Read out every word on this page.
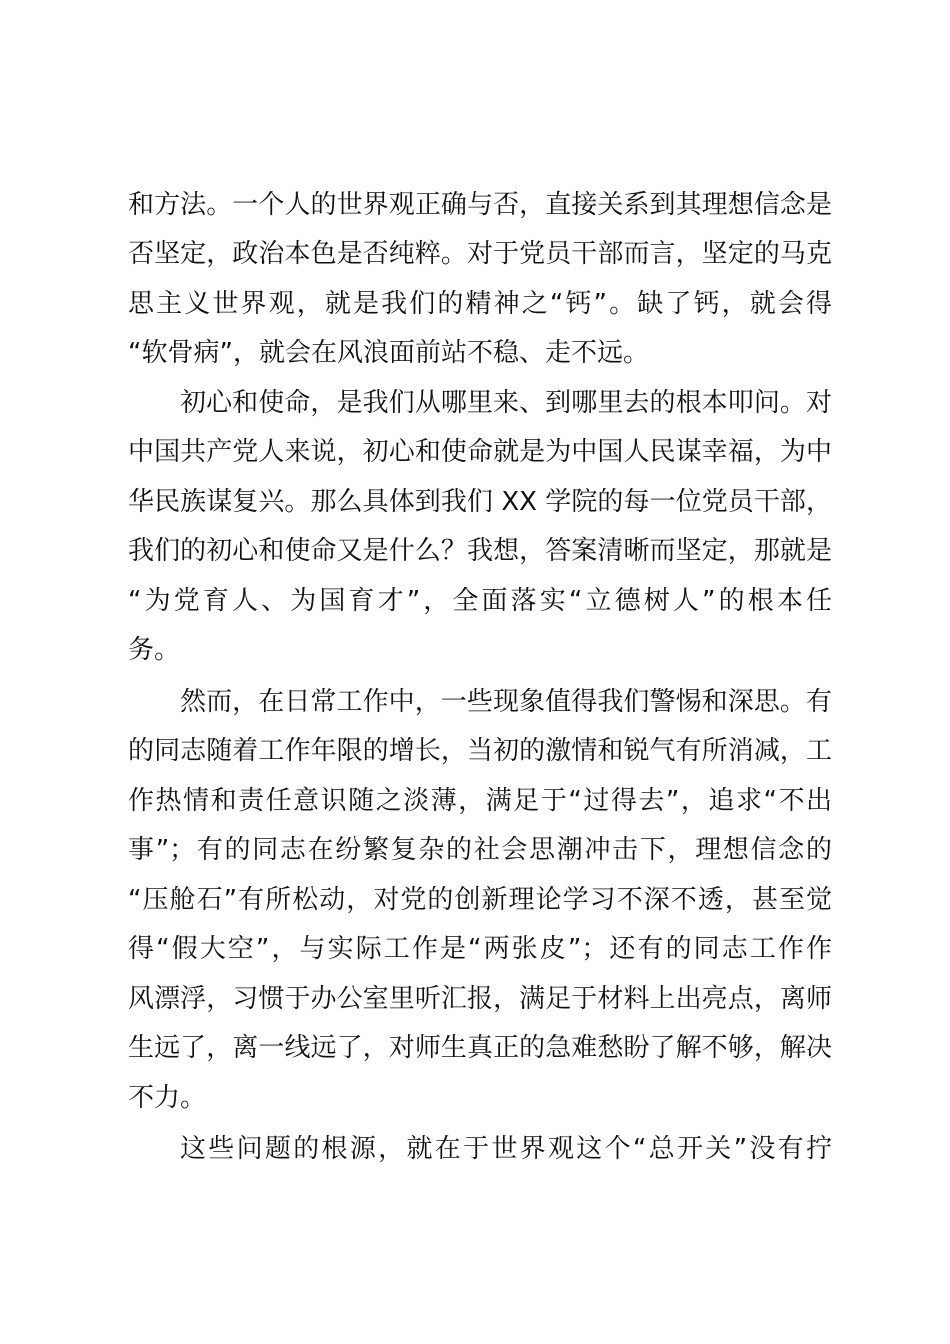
和方法。一个人的世界观正确与否，直接关系到其理想信念是
否坚定，政治本色是否纯粹。对于党员干部而言，坚定的马克
思主义世界观，就是我们的精神之“钙”。缺了钙，就会得
“软骨病”，就会在风浪面前站不稳、走不远。
初心和使命，是我们从哪里来、到哪里去的根本叩问。对
中国共产党人来说，初心和使命就是为中国人民谋幸福，为中
华民族谋复兴。那么具体到我们 XX 学院的每一位党员干部，
我们的初心和使命又是什么？我想，答案清晰而坚定，那就是
“为党育人、为国育才”，全面落实“立德树人”的根本任
务。
然而，在日常工作中，一些现象值得我们警惕和深思。有
的同志随着工作年限的增长，当初的激情和锐气有所消减，工
作热情和责任意识随之淡薄，满足于“过得去”，追求“不出
事”；有的同志在纷繁复杂的社会思潮冲击下，理想信念的
“压舱石”有所松动，对党的创新理论学习不深不透，甚至觉
得“假大空”，与实际工作是“两张皮”；还有的同志工作作
风漂浮，习惯于办公室里听汇报，满足于材料上出亮点，离师
生远了，离一线远了，对师生真正的急难愁盼了解不够，解决
不力。
这些问题的根源，就在于世界观这个“总开关”没有拧
